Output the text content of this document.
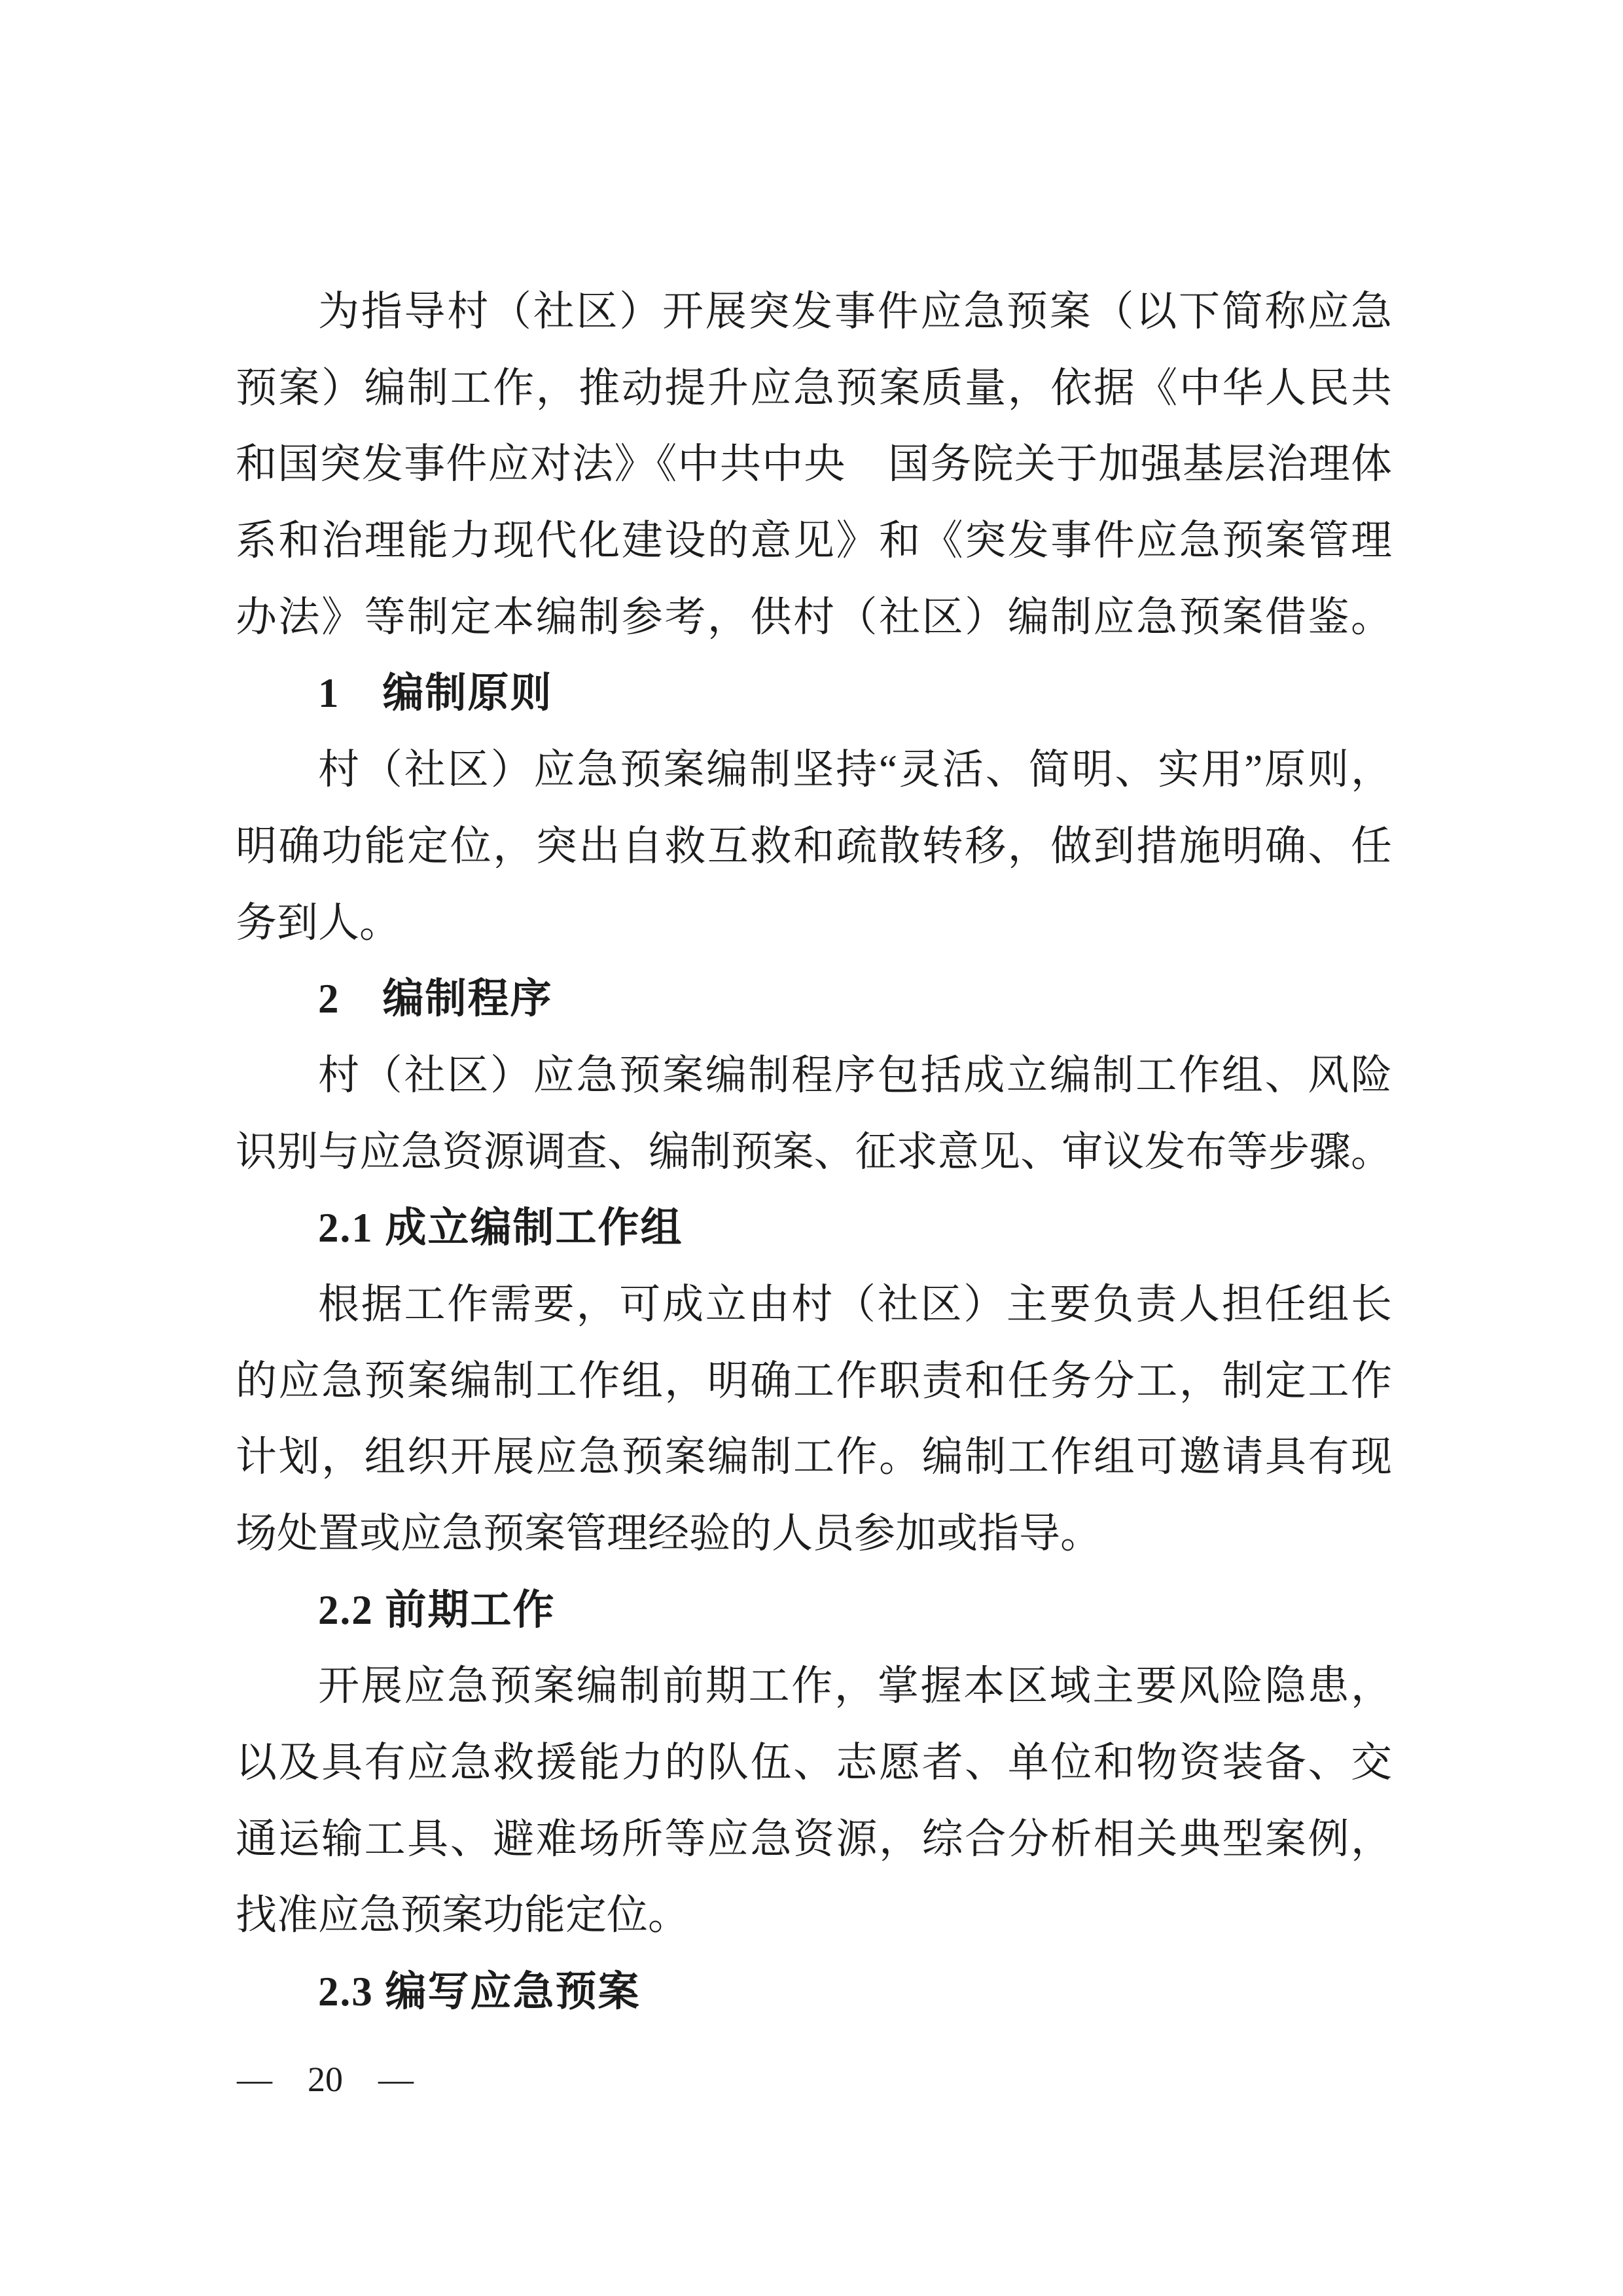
为指导村（社区）开展突发事件应急预案（以下简称应急
预案）编制工作，推动提升应急预案质量，依据《中华人民共
和国突发事件应对法》《中共中央　国务院关于加强基层治理体
系和治理能力现代化建设的意见》和《突发事件应急预案管理
办法》等制定本编制参考，供村（社区）编制应急预案借鉴。
1　编制原则
村（社区）应急预案编制坚持“灵活、简明、实用”原则，
明确功能定位，突出自救互救和疏散转移，做到措施明确、任
务到人。
2　编制程序
村（社区）应急预案编制程序包括成立编制工作组、风险
识别与应急资源调查、编制预案、征求意见、审议发布等步骤。
2.1 成立编制工作组
根据工作需要，可成立由村（社区）主要负责人担任组长
的应急预案编制工作组，明确工作职责和任务分工，制定工作
计划，组织开展应急预案编制工作。编制工作组可邀请具有现
场处置或应急预案管理经验的人员参加或指导。
2.2 前期工作
开展应急预案编制前期工作，掌握本区域主要风险隐患，
以及具有应急救援能力的队伍、志愿者、单位和物资装备、交
通运输工具、避难场所等应急资源，综合分析相关典型案例，
找准应急预案功能定位。
2.3 编写应急预案
— 20 —
